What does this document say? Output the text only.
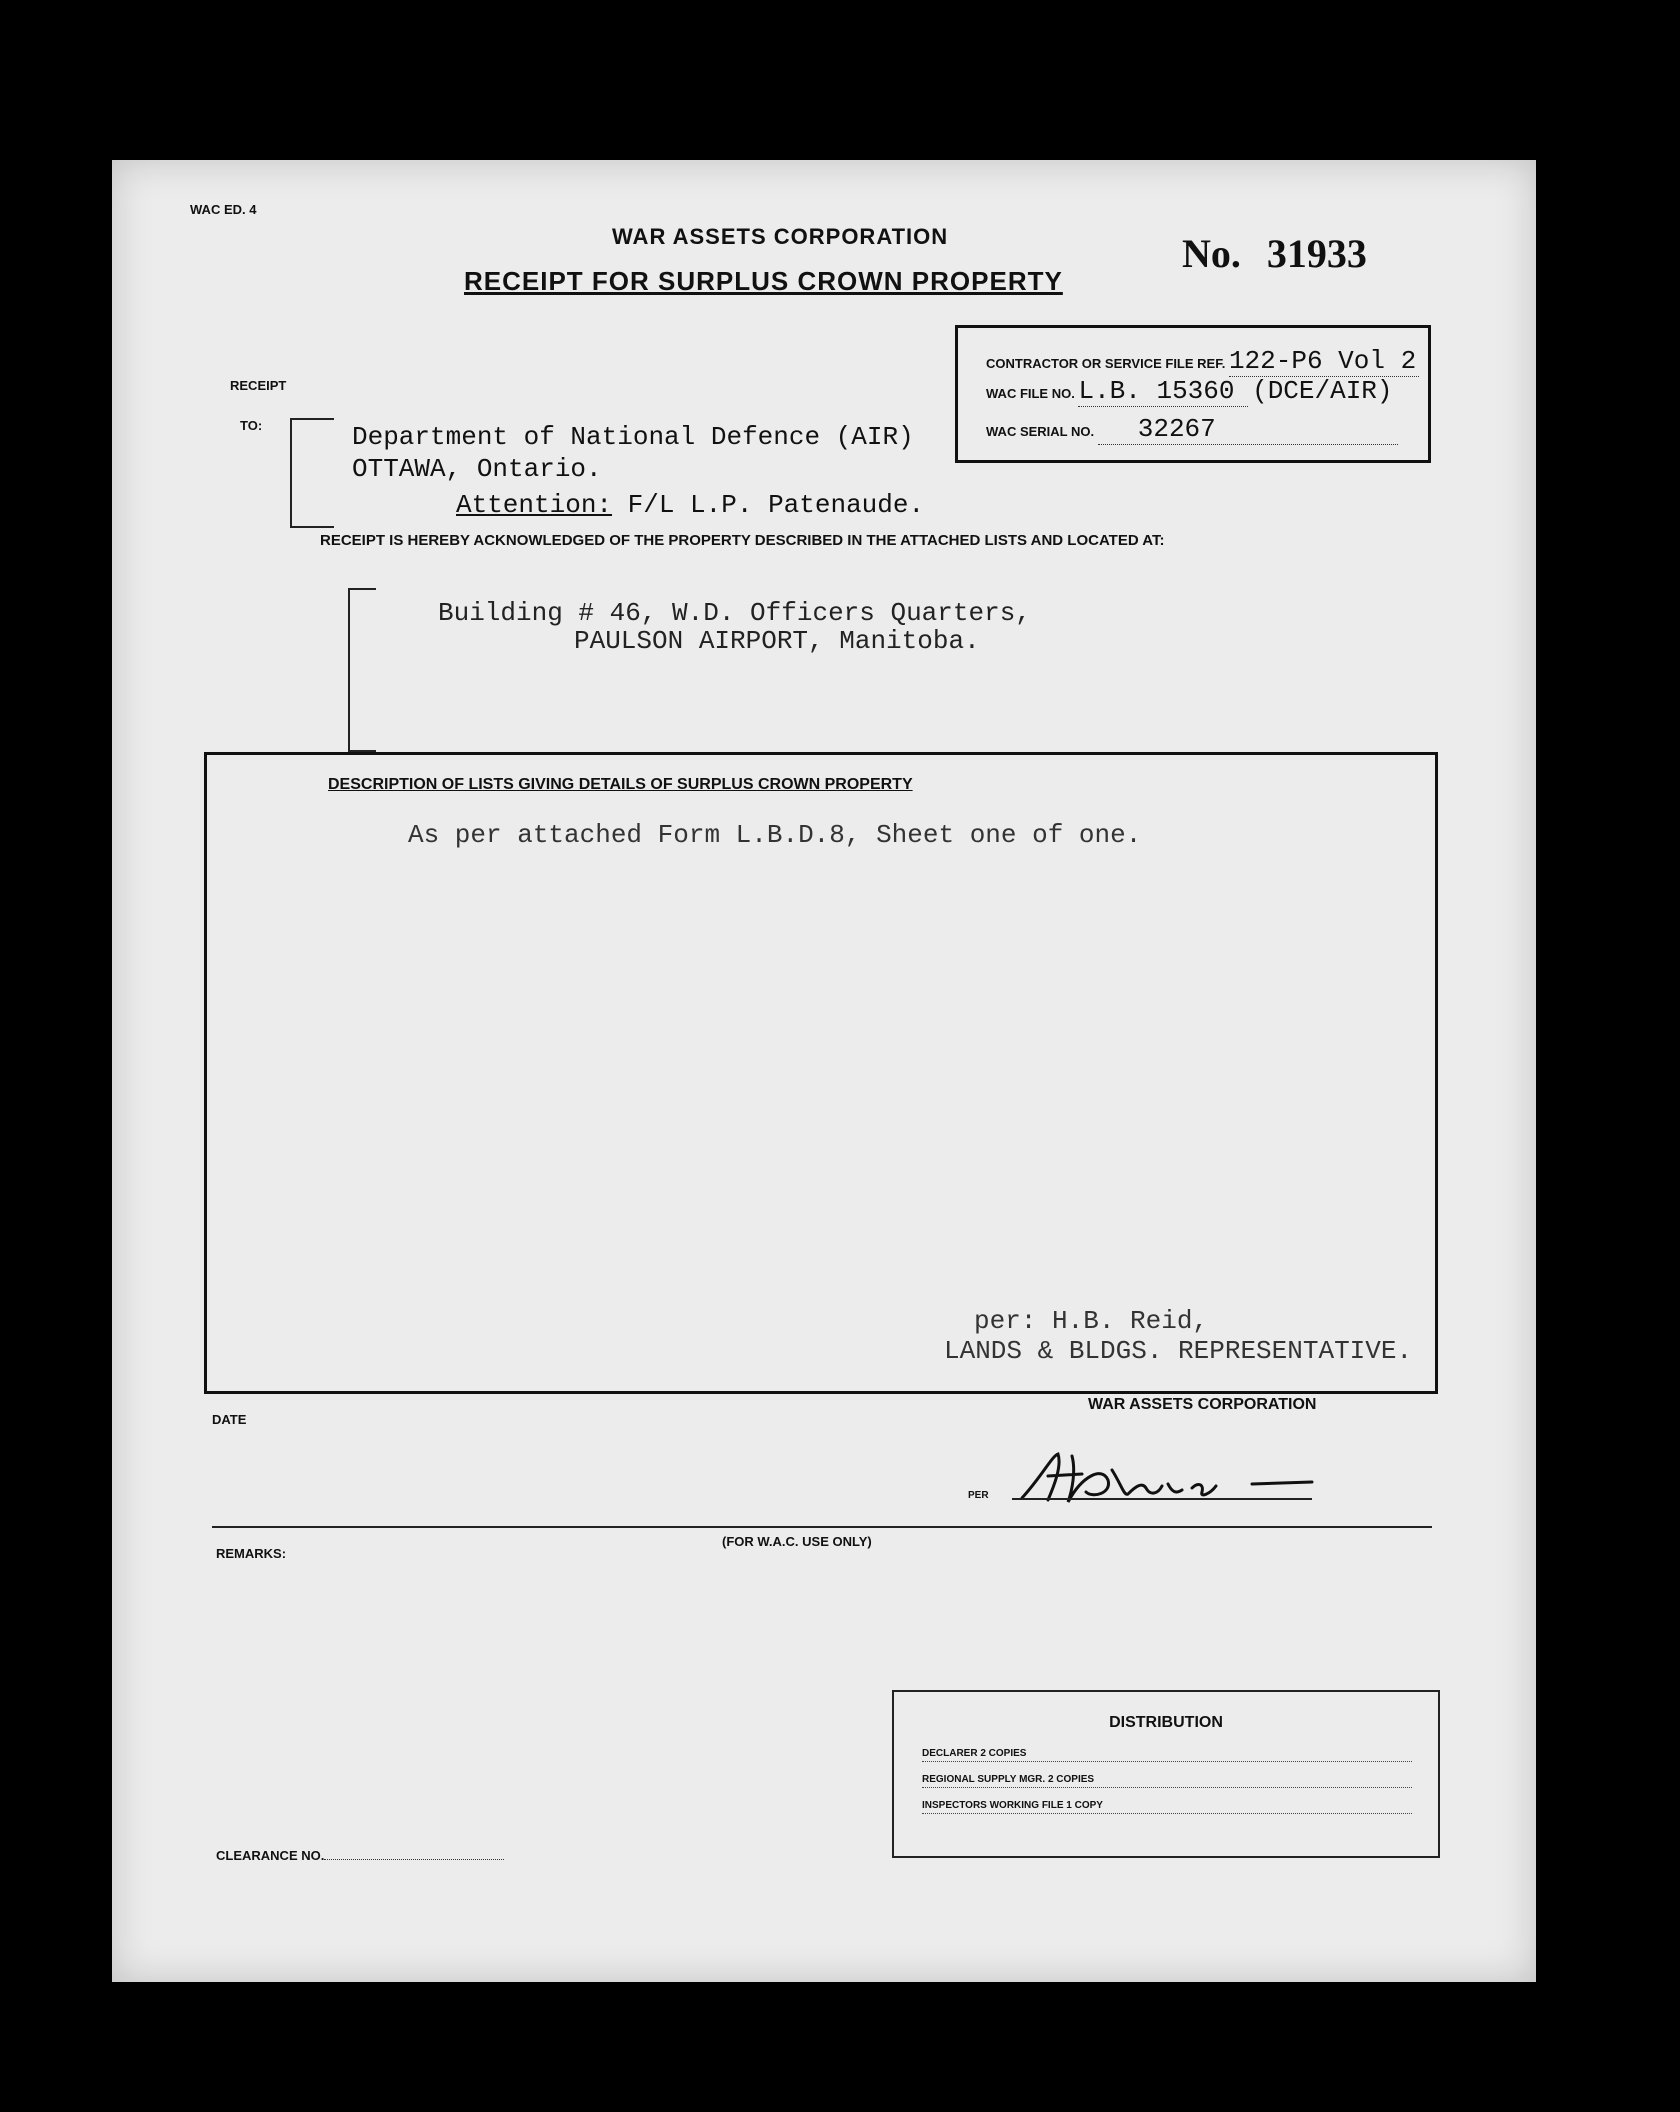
WAC ED. 4
WAR ASSETS CORPORATION
RECEIPT FOR SURPLUS CROWN PROPERTY
No. 31933
CONTRACTOR OR SERVICE FILE REF. 122-P6 Vol 2
WAC FILE NO. L.B. 15360 (DCE/AIR)
WAC SERIAL NO. 32267
RECEIPT
TO:	Department of National Defence (AIR)
OTTAWA, Ontario.
Attention: F/L L.P. Patenaude.
RECEIPT IS HEREBY ACKNOWLEDGED OF THE PROPERTY DESCRIBED IN THE ATTACHED LISTS AND LOCATED AT:
Building # 46, W.D. Officers Quarters,
PAULSON AIRPORT, Manitoba.
DESCRIPTION OF LISTS GIVING DETAILS OF SURPLUS CROWN PROPERTY
As per attached Form L.B.D.8, Sheet one of one.
per: H.B. Reid,
LANDS & BLDGS. REPRESENTATIVE.
DATE
WAR ASSETS CORPORATION
PER
(FOR W.A.C. USE ONLY)
REMARKS:
DISTRIBUTION
DECLARER 2 COPIES
REGIONAL SUPPLY MGR. 2 COPIES
INSPECTORS WORKING FILE 1 COPY
CLEARANCE NO.
